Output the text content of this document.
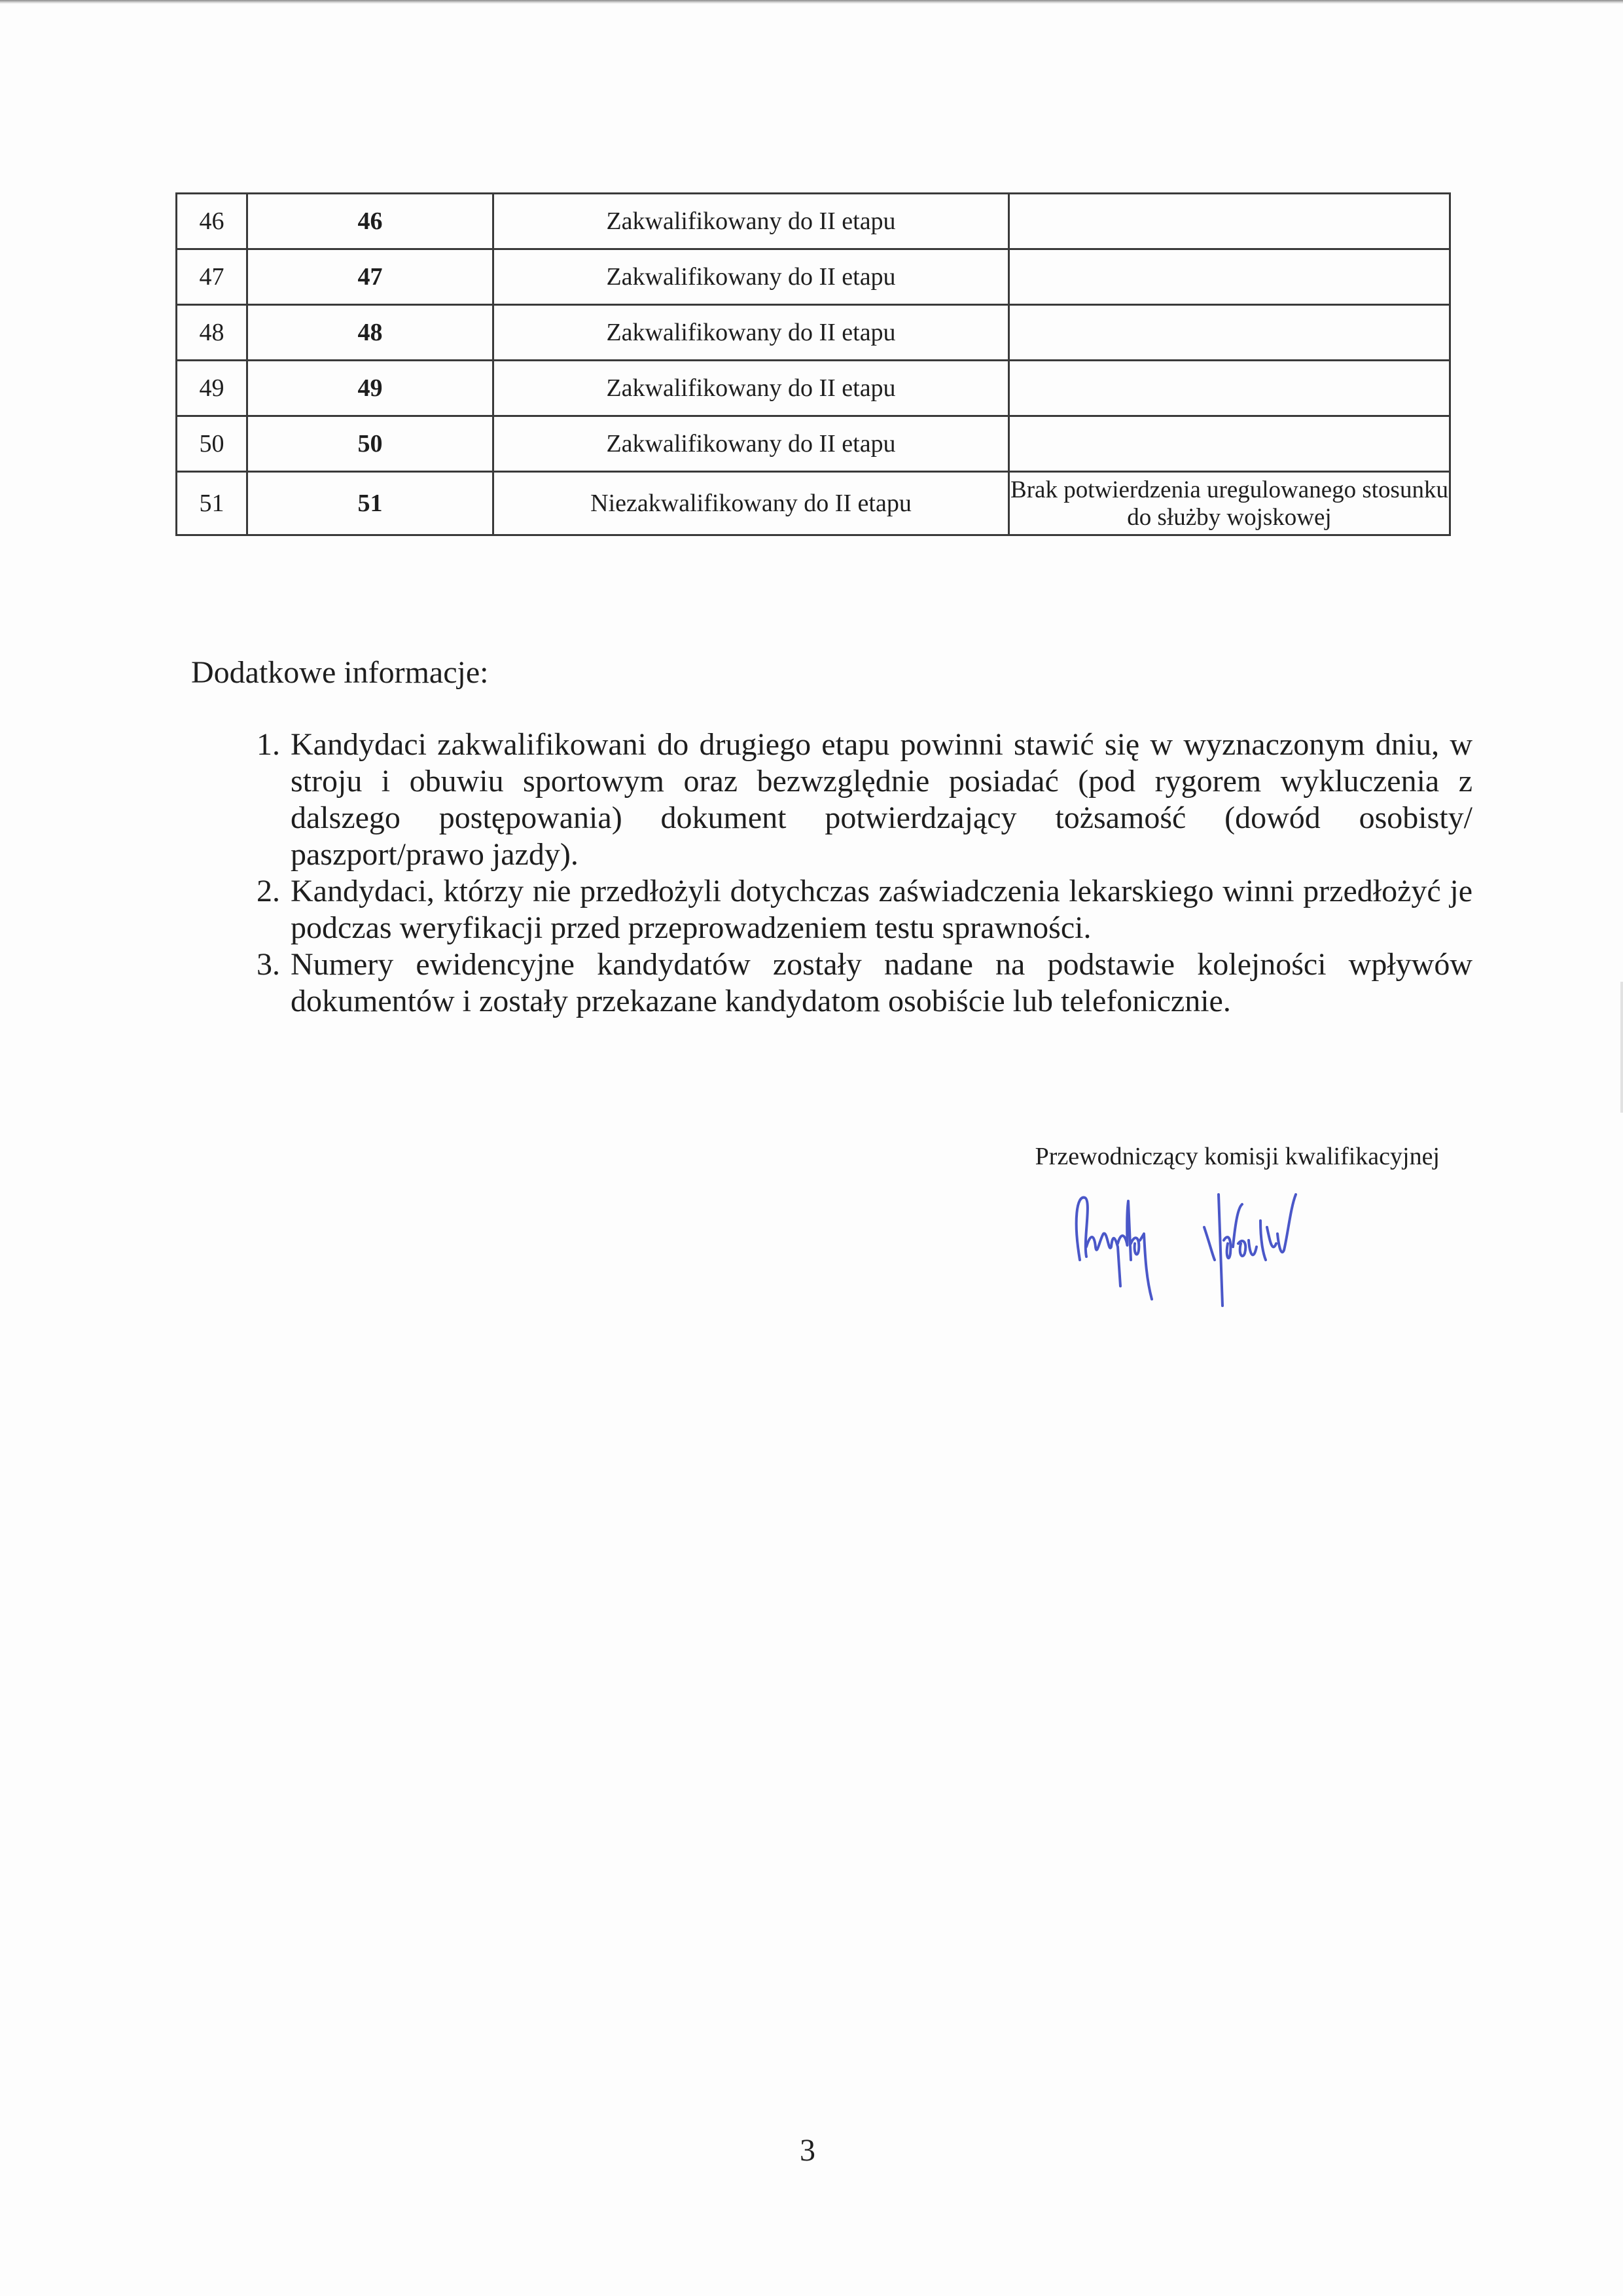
46	46	Zakwalifikowany do II etapu	
47	47	Zakwalifikowany do II etapu	
48	48	Zakwalifikowany do II etapu	
49	49	Zakwalifikowany do II etapu	
50	50	Zakwalifikowany do II etapu	
51	51	Niezakwalifikowany do II etapu	Brak potwierdzenia uregulowanego stosunku do służby wojskowej
Dodatkowe informacje:
1. Kandydaci zakwalifikowani do drugiego etapu powinni stawić się w wyznaczonym dniu, w stroju i obuwiu sportowym oraz bezwzględnie posiadać (pod rygorem wykluczenia z dalszego postępowania) dokument potwierdzający tożsamość (dowód osobisty/ paszport/prawo jazdy).
2. Kandydaci, którzy nie przedłożyli dotychczas zaświadczenia lekarskiego winni przedłożyć je podczas weryfikacji przed przeprowadzeniem testu sprawności.
3. Numery ewidencyjne kandydatów zostały nadane na podstawie kolejności wpływów dokumentów i zostały przekazane kandydatom osobiście lub telefonicznie.
Przewodniczący komisji kwalifikacyjnej
3
